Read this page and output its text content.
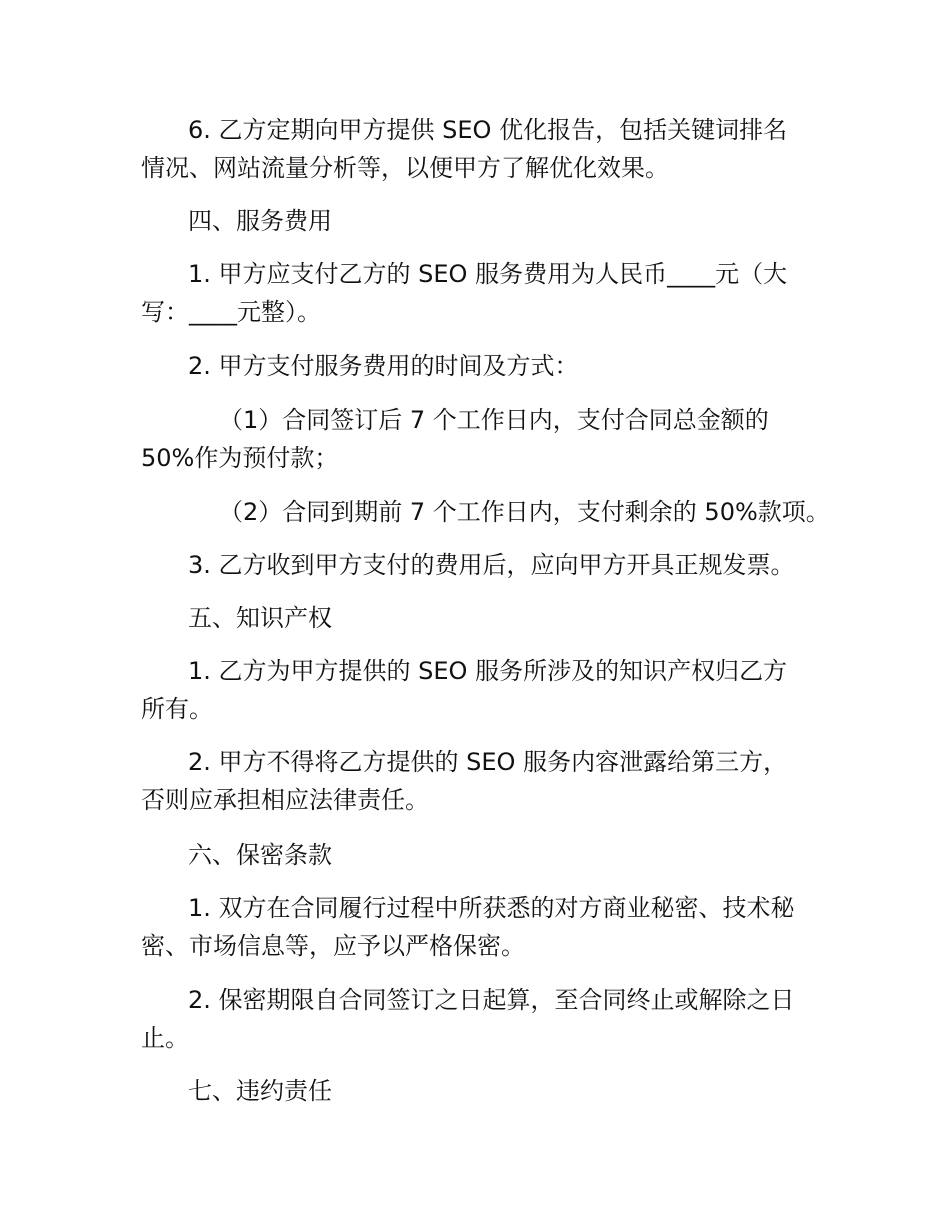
6. 乙方定期向甲方提供 SEO 优化报告，包括关键词排名
情况、网站流量分析等，以便甲方了解优化效果。
四、服务费用
1. 甲方应支付乙方的 SEO 服务费用为人民币____元（大
写：____元整）。
2. 甲方支付服务费用的时间及方式：
（1）合同签订后 7 个工作日内，支付合同总金额的
50%作为预付款；
（2）合同到期前 7 个工作日内，支付剩余的 50%款项。
3. 乙方收到甲方支付的费用后，应向甲方开具正规发票。
五、知识产权
1. 乙方为甲方提供的 SEO 服务所涉及的知识产权归乙方
所有。
2. 甲方不得将乙方提供的 SEO 服务内容泄露给第三方，
否则应承担相应法律责任。
六、保密条款
1. 双方在合同履行过程中所获悉的对方商业秘密、技术秘
密、市场信息等，应予以严格保密。
2. 保密期限自合同签订之日起算，至合同终止或解除之日
止。
七、违约责任
